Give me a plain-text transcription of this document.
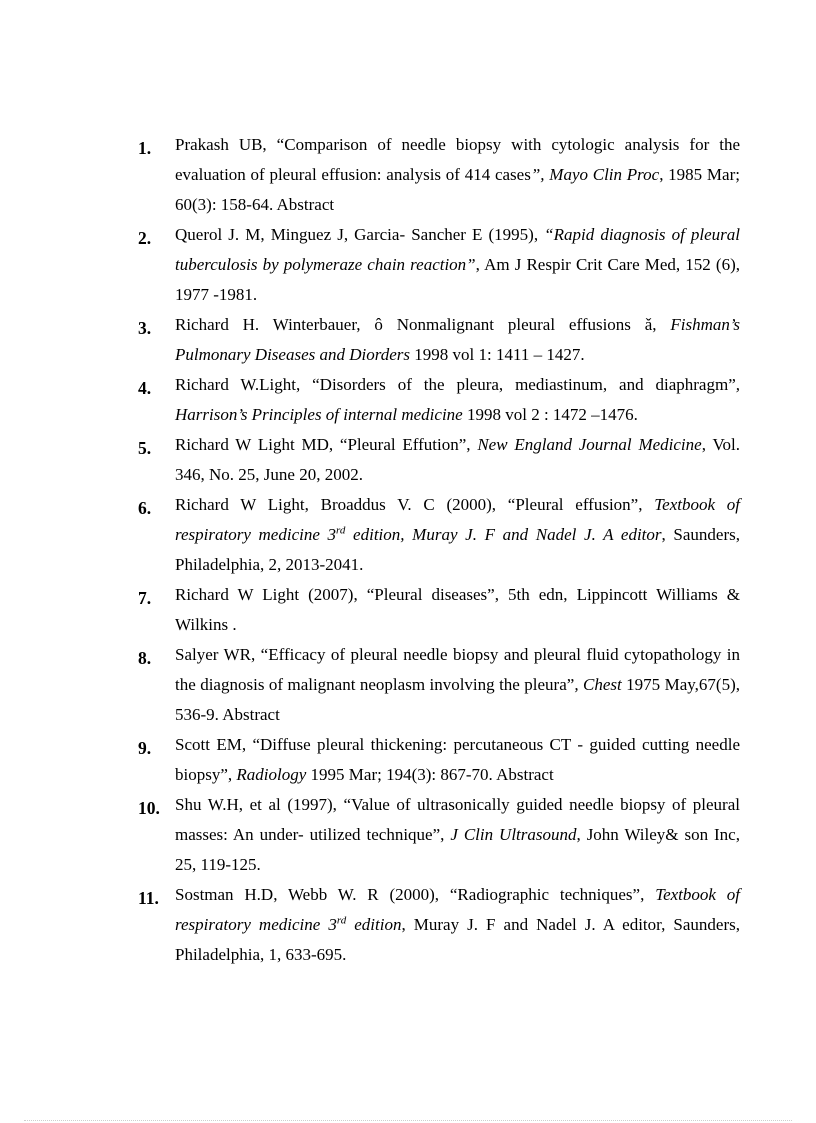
1.	Prakash UB, “Comparison of needle biopsy with cytologic analysis for the evaluation of pleural effusion: analysis of 414 cases”, Mayo Clin Proc, 1985 Mar; 60(3): 158-64. Abstract
2.	Querol J. M, Minguez J, Garcia- Sancher E (1995), “Rapid diagnosis of pleural tuberculosis by polymeraze chain reaction”, Am J Respir Crit Care Med, 152 (6), 1977 -1981.
3.	Richard H. Winterbauer, ô Nonmalignant pleural effusions ǎ, Fishman’s Pulmonary Diseases and Diorders 1998 vol 1: 1411 – 1427.
4.	Richard W.Light, “Disorders of the pleura, mediastinum, and diaphragm”, Harrison’s Principles of internal medicine 1998 vol 2 : 1472 –1476.
5.	Richard W Light MD, “Pleural Effution”, New England Journal Medicine, Vol. 346, No. 25, June 20, 2002.
6.	Richard W Light, Broaddus V. C (2000), “Pleural effusion”, Textbook of respiratory medicine 3rd edition, Muray J. F and Nadel J. A editor, Saunders, Philadelphia, 2, 2013-2041.
7.	Richard W Light (2007), “Pleural diseases”, 5th edn, Lippincott Williams & Wilkins .
8.	Salyer WR, “Efficacy of pleural needle biopsy and pleural fluid cytopathology in the diagnosis of malignant neoplasm involving the pleura”, Chest 1975 May,67(5), 536-9. Abstract
9.	Scott EM, “Diffuse pleural thickening: percutaneous CT - guided cutting needle biopsy”, Radiology 1995 Mar; 194(3): 867-70. Abstract
10. Shu W.H, et al (1997), “Value of ultrasonically guided needle biopsy of pleural masses: An under- utilized technique”, J Clin Ultrasound, John Wiley& son Inc, 25, 119-125.
11. Sostman H.D, Webb W. R (2000), “Radiographic techniques”, Textbook of respiratory medicine 3rd edition, Muray J. F and Nadel J. A editor, Saunders, Philadelphia, 1, 633-695.
